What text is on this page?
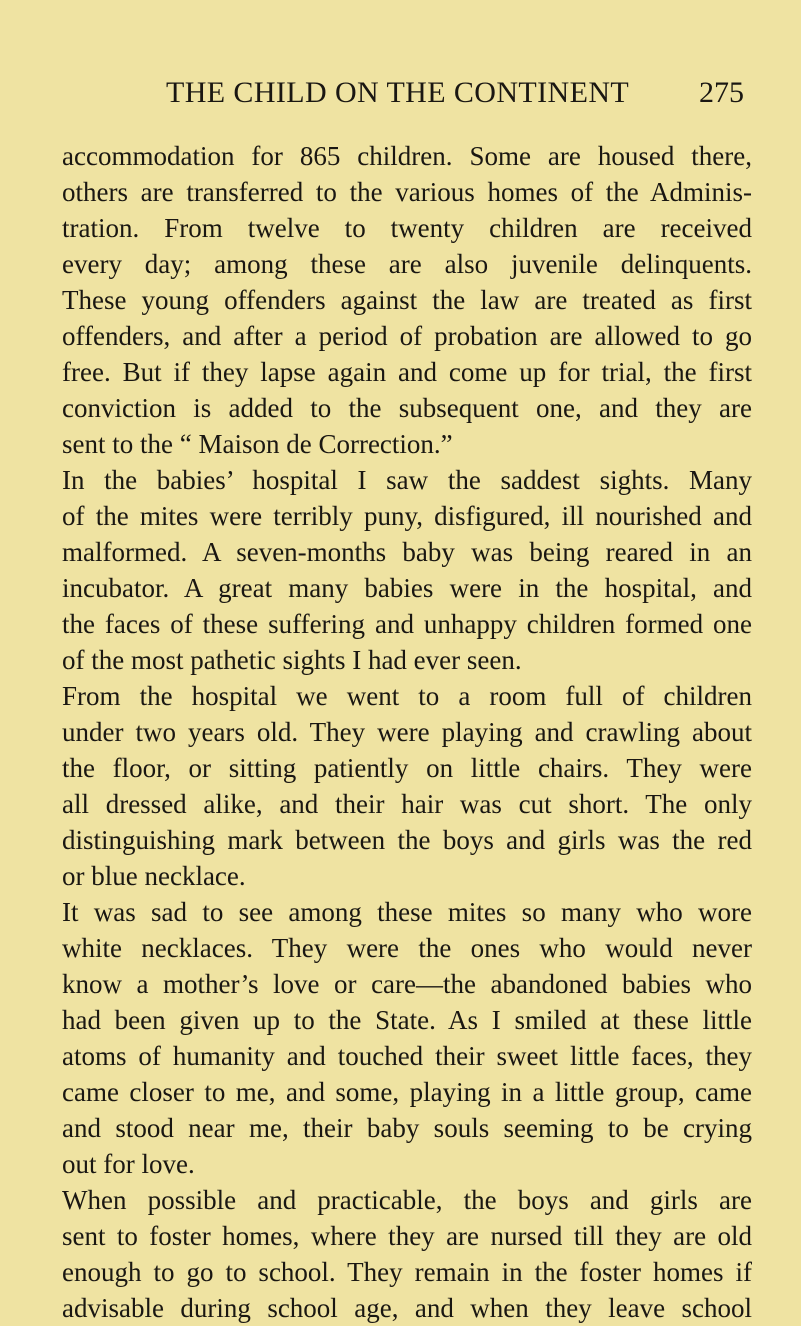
THE CHILD ON THE CONTINENT 275
accommodation for 865 children. Some are housed there,
others are transferred to the various homes of the Adminis-
tration. From twelve to twenty children are received
every day; among these are also juvenile delinquents.
These young offenders against the law are treated as first
offenders, and after a period of probation are allowed to go
free. But if they lapse again and come up for trial, the first
conviction is added to the subsequent one, and they are
sent to the “ Maison de Correction.”
In the babies’ hospital I saw the saddest sights. Many
of the mites were terribly puny, disfigured, ill nourished and
malformed. A seven-months baby was being reared in an
incubator. A great many babies were in the hospital, and
the faces of these suffering and unhappy children formed one
of the most pathetic sights I had ever seen.
From the hospital we went to a room full of children
under two years old. They were playing and crawling about
the floor, or sitting patiently on little chairs. They were
all dressed alike, and their hair was cut short. The only
distinguishing mark between the boys and girls was the red
or blue necklace.
It was sad to see among these mites so many who wore
white necklaces. They were the ones who would never
know a mother’s love or care—the abandoned babies who
had been given up to the State. As I smiled at these little
atoms of humanity and touched their sweet little faces, they
came closer to me, and some, playing in a little group, came
and stood near me, their baby souls seeming to be crying
out for love.
When possible and practicable, the boys and girls are
sent to foster homes, where they are nursed till they are old
enough to go to school. They remain in the foster homes if
advisable during school age, and when they leave school
